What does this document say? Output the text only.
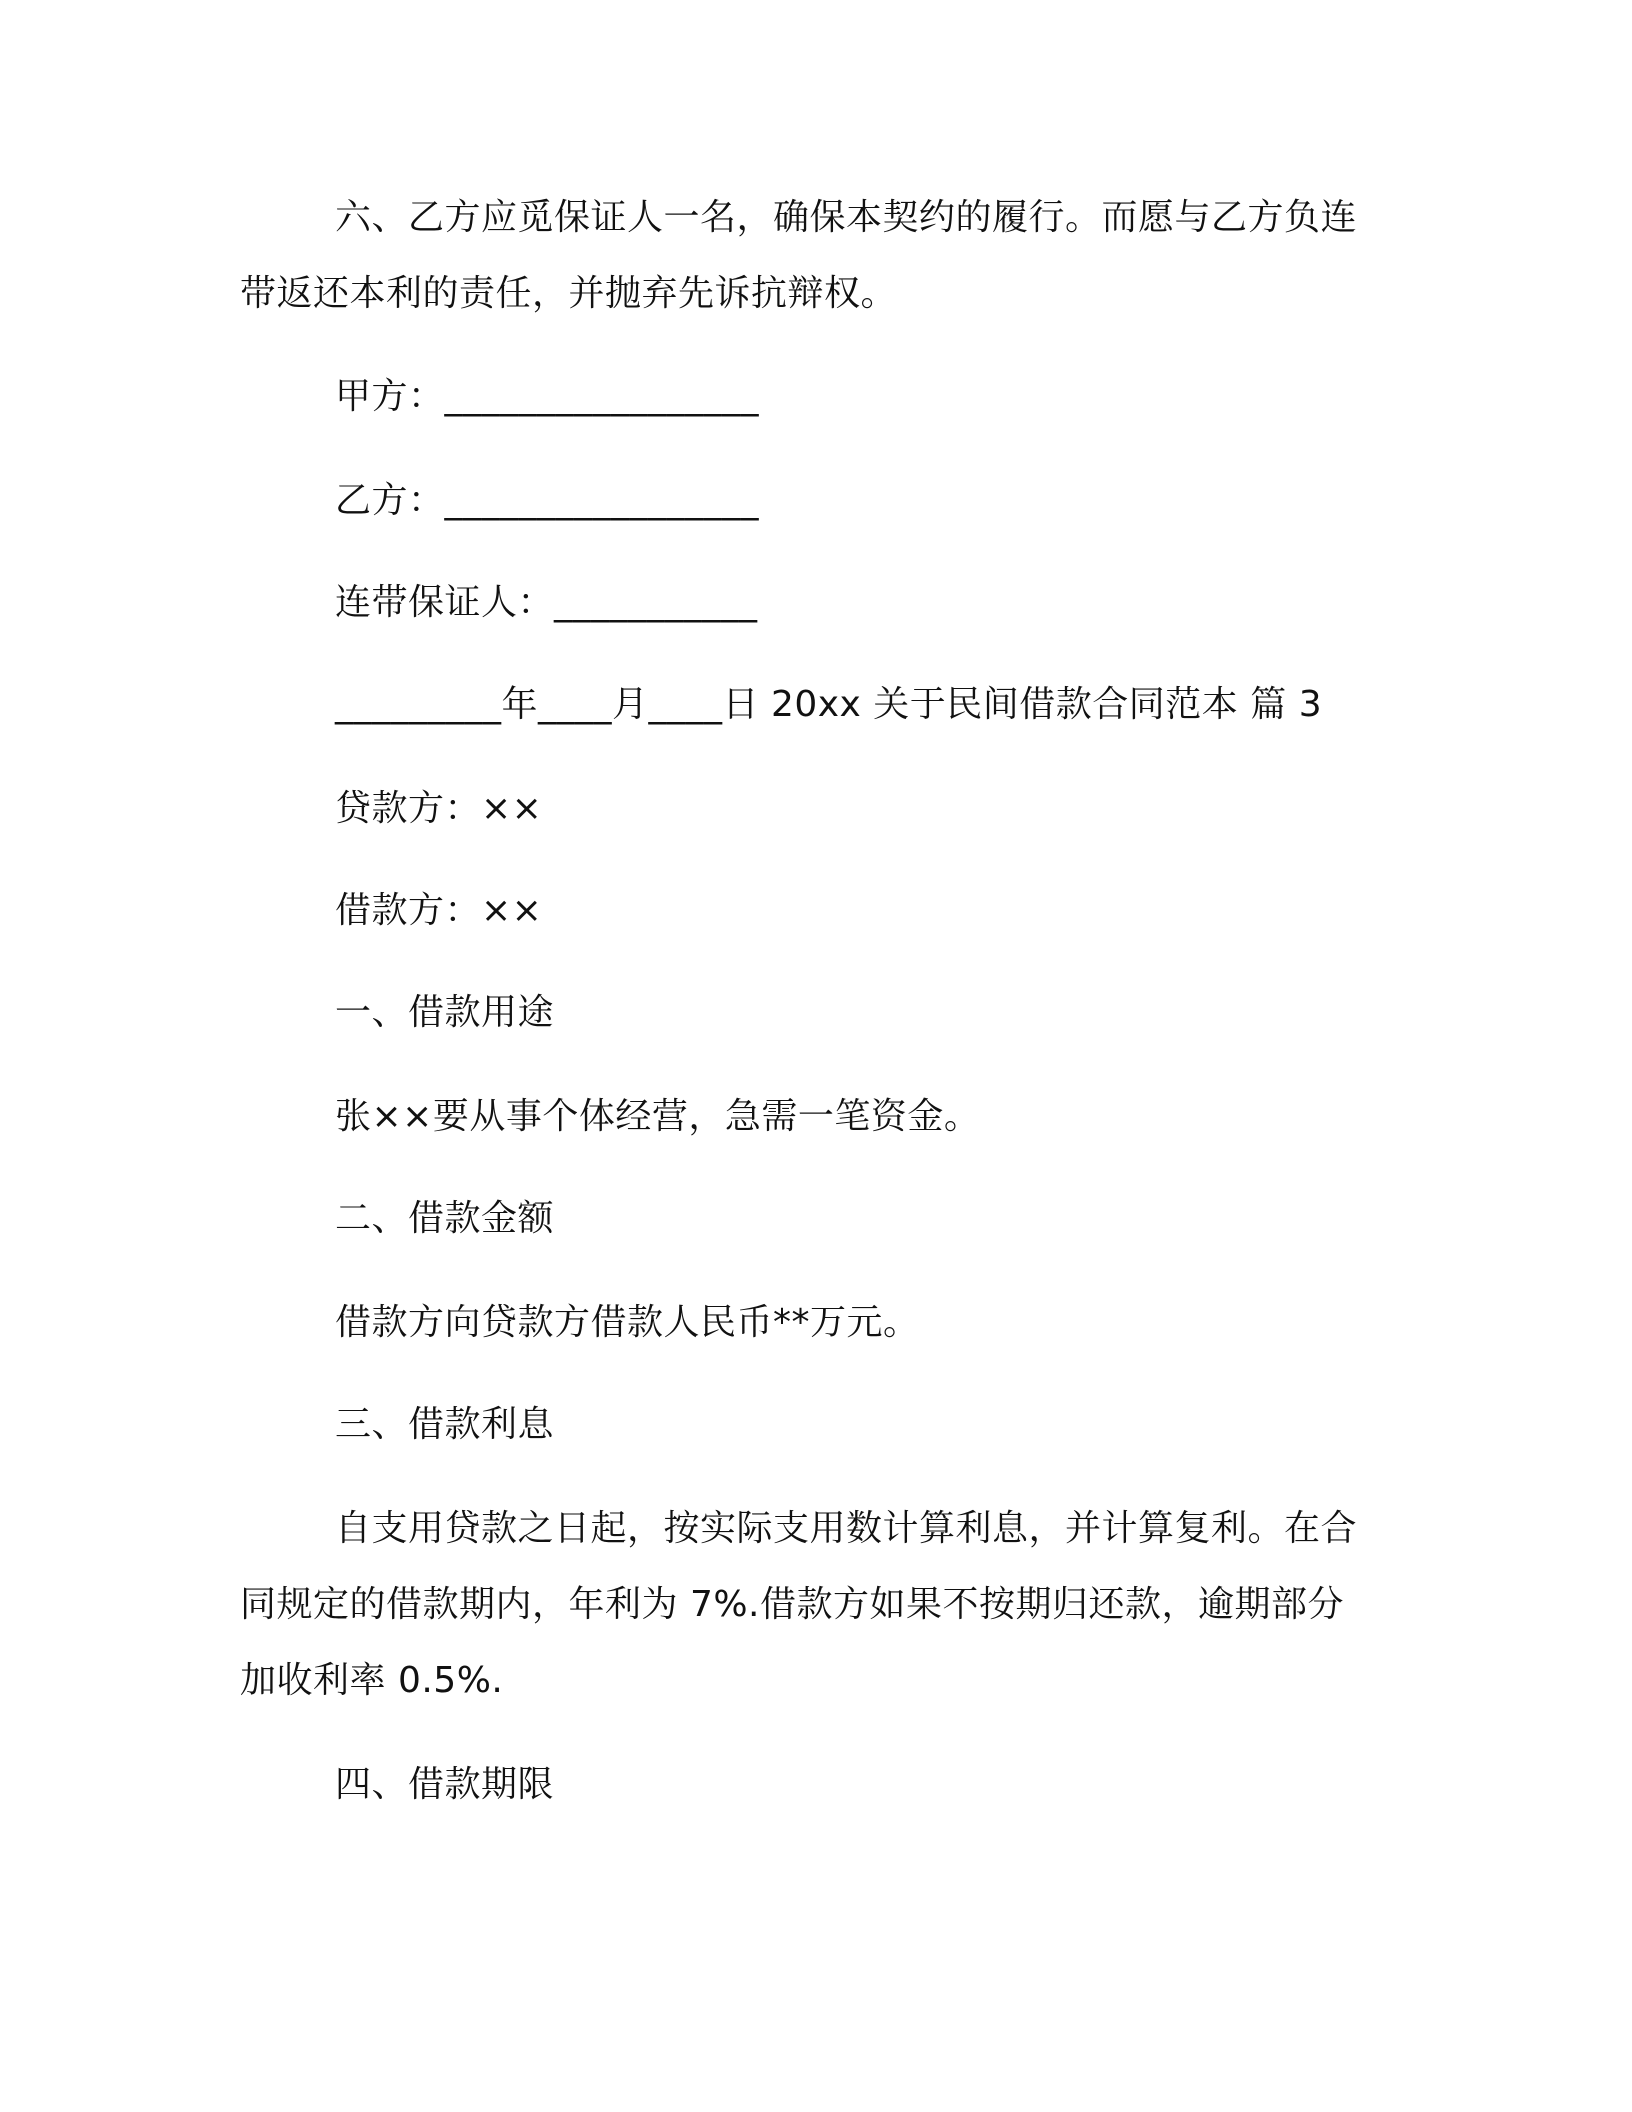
六、乙方应觅保证人一名，确保本契约的履行。而愿与乙方负连
带返还本利的责任，并抛弃先诉抗辩权。
甲方：_________________
乙方：_________________
连带保证人：___________
_________年____月____日 20xx 关于民间借款合同范本 篇 3
贷款方：××
借款方：××
一、借款用途
张××要从事个体经营，急需一笔资金。
二、借款金额
借款方向贷款方借款人民币**万元。
三、借款利息
自支用贷款之日起，按实际支用数计算利息，并计算复利。在合
同规定的借款期内，年利为 7%.借款方如果不按期归还款，逾期部分
加收利率 0.5%.
四、借款期限
